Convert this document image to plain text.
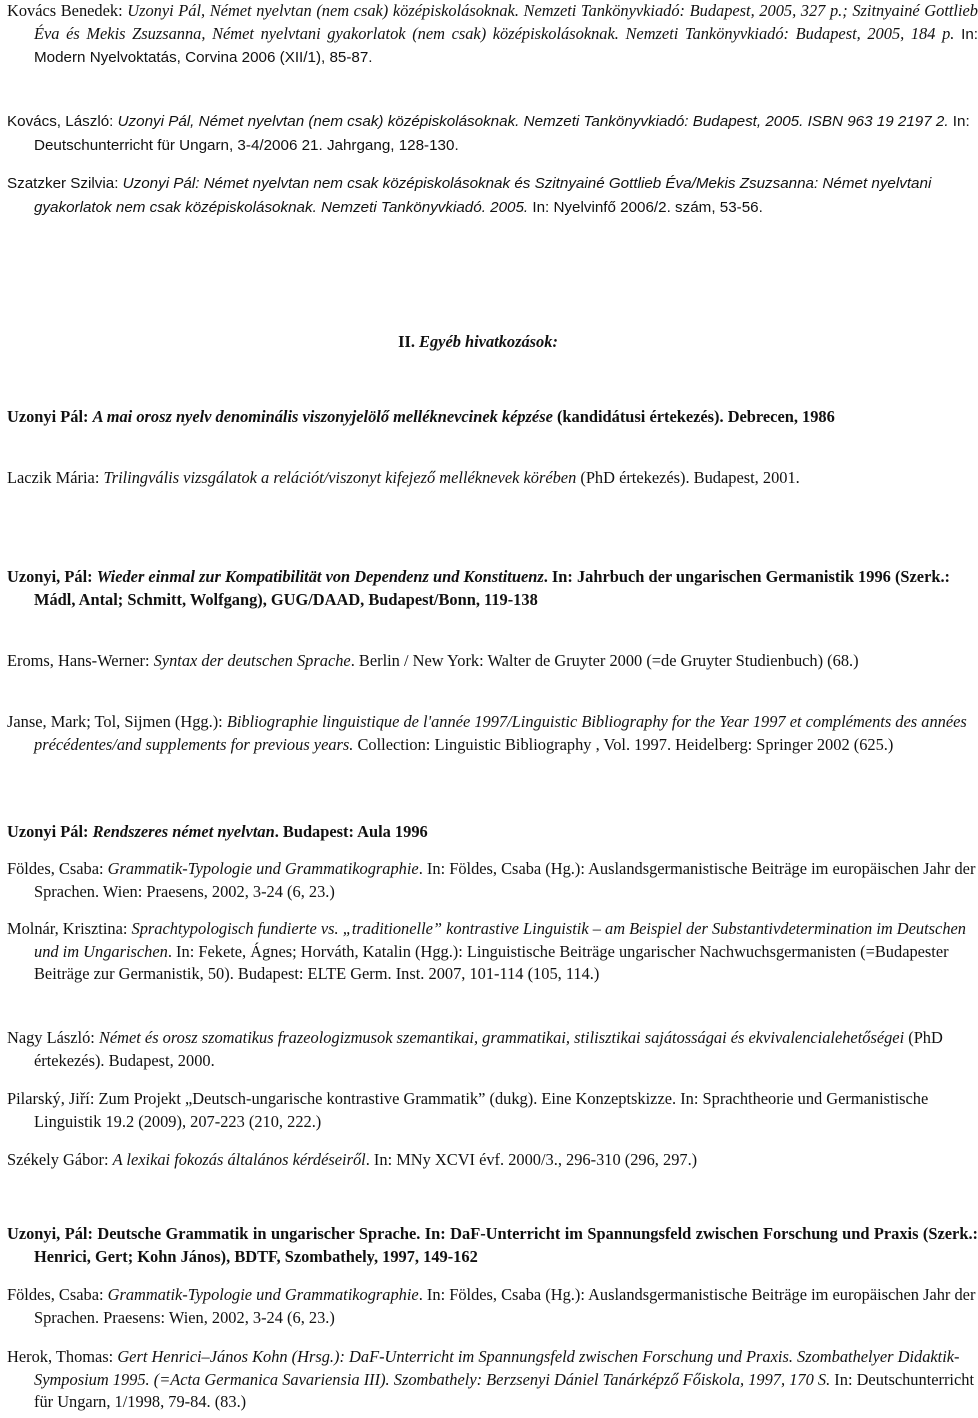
II. Egyéb hivatkozások:

Kovács Benedek: Uzonyi Pál, Német nyelvtan (nem csak) középiskolásoknak. Nemzeti Tankönyvkiadó: Budapest, 2005, 327 p.; Szitnyainé Gottlieb Éva és Mekis Zsuzsanna, Német nyelvtani gyakorlatok (nem csak) középiskolásoknak. Nemzeti Tankönyvkiadó: Budapest, 2005, 184 p. In: Modern Nyelvoktatás, Corvina 2006 (XII/1), 85-87.

Kovács, László: Uzonyi Pál, Német nyelvtan (nem csak) középiskolásoknak. Nemzeti Tankönyvkiadó: Budapest, 2005. ISBN 963 19 2197 2. In: Deutschunterricht für Ungarn, 3-4/2006 21. Jahrgang, 128-130.

Szatzker Szilvia: Uzonyi Pál: Német nyelvtan nem csak középiskolásoknak és Szitnyainé Gottlieb Éva/Mekis Zsuzsanna: Német nyelvtani gyakorlatok nem csak középiskolásoknak. Nemzeti Tankönyvkiadó. 2005. In: Nyelvinfő 2006/2. szám, 53-56.

Uzonyi Pál: A mai orosz nyelv denominális viszonyjelölő melléknevcinek képzése (kandidátusi értekezés). Debrecen, 1986

Laczik Mária: Trilingvális vizsgálatok a relációt/viszonyt kifejező melléknevek körében (PhD értekezés). Budapest, 2001.

Uzonyi, Pál: Wieder einmal zur Kompatibilität von Dependenz und Konstituenz. In: Jahrbuch der ungarischen Germanistik 1996 (Szerk.: Mádl, Antal; Schmitt, Wolfgang), GUG/DAAD, Budapest/Bonn, 119-138

Eroms, Hans-Werner: Syntax der deutschen Sprache. Berlin / New York: Walter de Gruyter 2000 (=de Gruyter Studienbuch) (68.)

Janse, Mark; Tol, Sijmen (Hgg.): Bibliographie linguistique de l'année 1997/Linguistic Bibliography for the Year 1997 et compléments des années précédentes/and supplements for previous years. Collection: Linguistic Bibliography , Vol. 1997. Heidelberg: Springer 2002 (625.)

Uzonyi Pál: Rendszeres német nyelvtan. Budapest: Aula 1996

Földes, Csaba: Grammatik-Typologie und Grammatikographie. In: Földes, Csaba (Hg.): Auslandsgermanistische Beiträge im europäischen Jahr der Sprachen. Wien: Praesens, 2002, 3-24 (6, 23.)

Molnár, Krisztina: Sprachtypologisch fundierte vs. „traditionelle” kontrastive Linguistik – am Beispiel der Substantivdetermination im Deutschen und im Ungarischen. In: Fekete, Ágnes; Horváth, Katalin (Hgg.): Linguistische Beiträge ungarischer Nachwuchsgermanisten (=Budapester Beiträge zur Germanistik, 50). Budapest: ELTE Germ. Inst. 2007, 101-114 (105, 114.)

Nagy László: Német és orosz szomatikus frazeologizmusok szemantikai, grammatikai, stilisztikai sajátosságai és ekvivalencialehetőségei (PhD értekezés). Budapest, 2000.

Pilarský, Jiří: Zum Projekt „Deutsch-ungarische kontrastive Grammatik” (dukg). Eine Konzeptskizze. In: Sprachtheorie und Germanistische Linguistik 19.2 (2009), 207-223 (210, 222.)

Székely Gábor: A lexikai fokozás általános kérdéseiről. In: MNy XCVI évf. 2000/3., 296-310 (296, 297.)

Uzonyi, Pál: Deutsche Grammatik in ungarischer Sprache. In: DaF-Unterricht im Spannungsfeld zwischen Forschung und Praxis (Szerk.: Henrici, Gert; Kohn János), BDTF, Szombathely, 1997, 149-162

Földes, Csaba: Grammatik-Typologie und Grammatikographie. In: Földes, Csaba (Hg.): Auslandsgermanistische Beiträge im europäischen Jahr der Sprachen. Praesens: Wien, 2002, 3-24 (6, 23.)

Herok, Thomas: Gert Henrici–János Kohn (Hrsg.): DaF-Unterricht im Spannungsfeld zwischen Forschung und Praxis. Szombathelyer Didaktik-Symposium 1995. (=Acta Germanica Savariensia III). Szombathely: Berzsenyi Dániel Tanárképző Főiskola, 1997, 170 S. In: Deutschunterricht für Ungarn, 1/1998, 79-84. (83.)
